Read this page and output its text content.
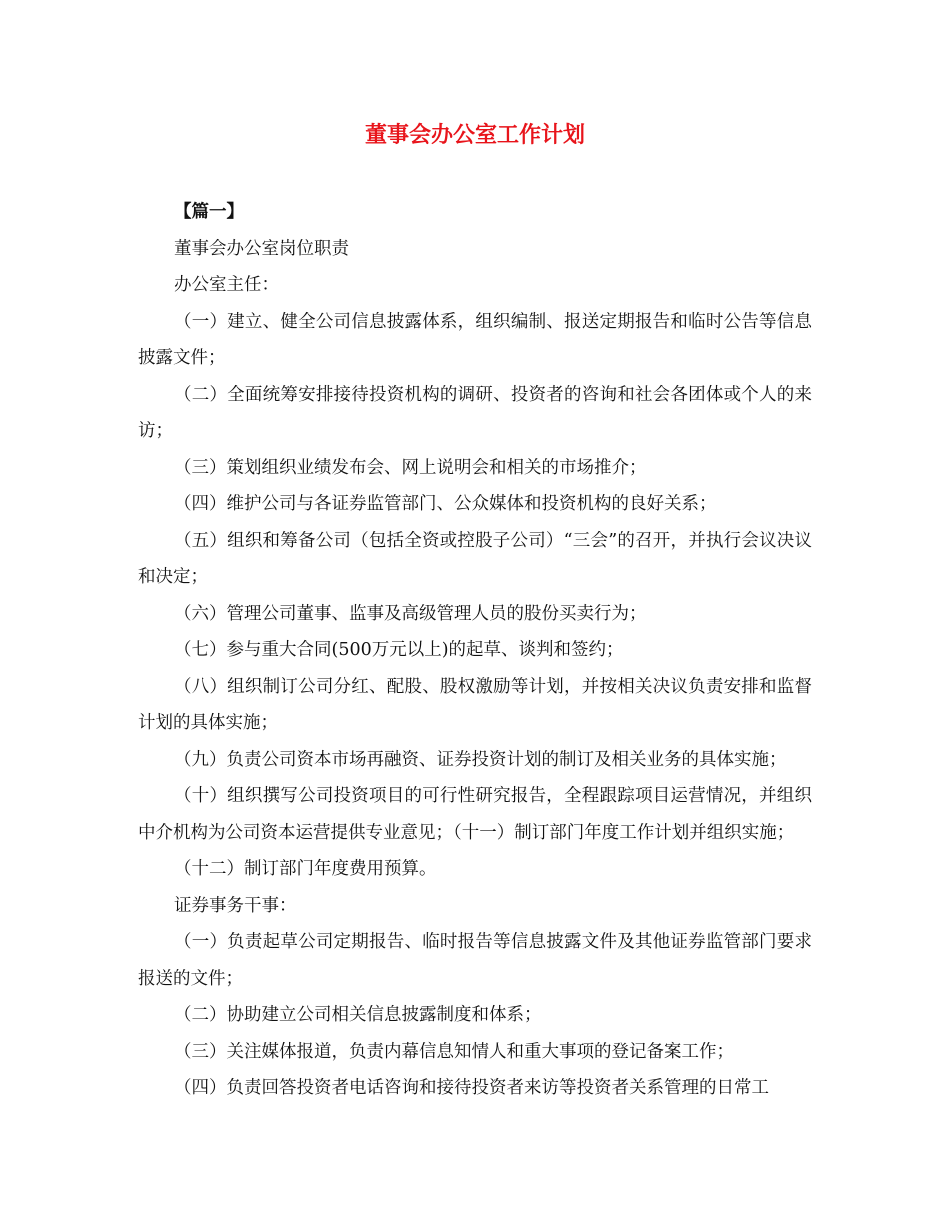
董事会办公室工作计划

【篇一】

董事会办公室岗位职责

办公室主任：

（一）建立、健全公司信息披露体系，组织编制、报送定期报告和临时公告等信息披露文件；

（二）全面统筹安排接待投资机构的调研、投资者的咨询和社会各团体或个人的来访；

（三）策划组织业绩发布会、网上说明会和相关的市场推介；

（四）维护公司与各证券监管部门、公众媒体和投资机构的良好关系；

（五）组织和筹备公司（包括全资或控股子公司）“三会”的召开，并执行会议决议和决定；

（六）管理公司董事、监事及高级管理人员的股份买卖行为；

（七）参与重大合同(500万元以上)的起草、谈判和签约；

（八）组织制订公司分红、配股、股权激励等计划，并按相关决议负责安排和监督计划的具体实施；

（九）负责公司资本市场再融资、证券投资计划的制订及相关业务的具体实施；

（十）组织撰写公司投资项目的可行性研究报告，全程跟踪项目运营情况，并组织中介机构为公司资本运营提供专业意见；（十一）制订部门年度工作计划并组织实施；

（十二）制订部门年度费用预算。

证券事务干事：

（一）负责起草公司定期报告、临时报告等信息披露文件及其他证券监管部门要求报送的文件；

（二）协助建立公司相关信息披露制度和体系；

（三）关注媒体报道，负责内幕信息知情人和重大事项的登记备案工作；

（四）负责回答投资者电话咨询和接待投资者来访等投资者关系管理的日常工
